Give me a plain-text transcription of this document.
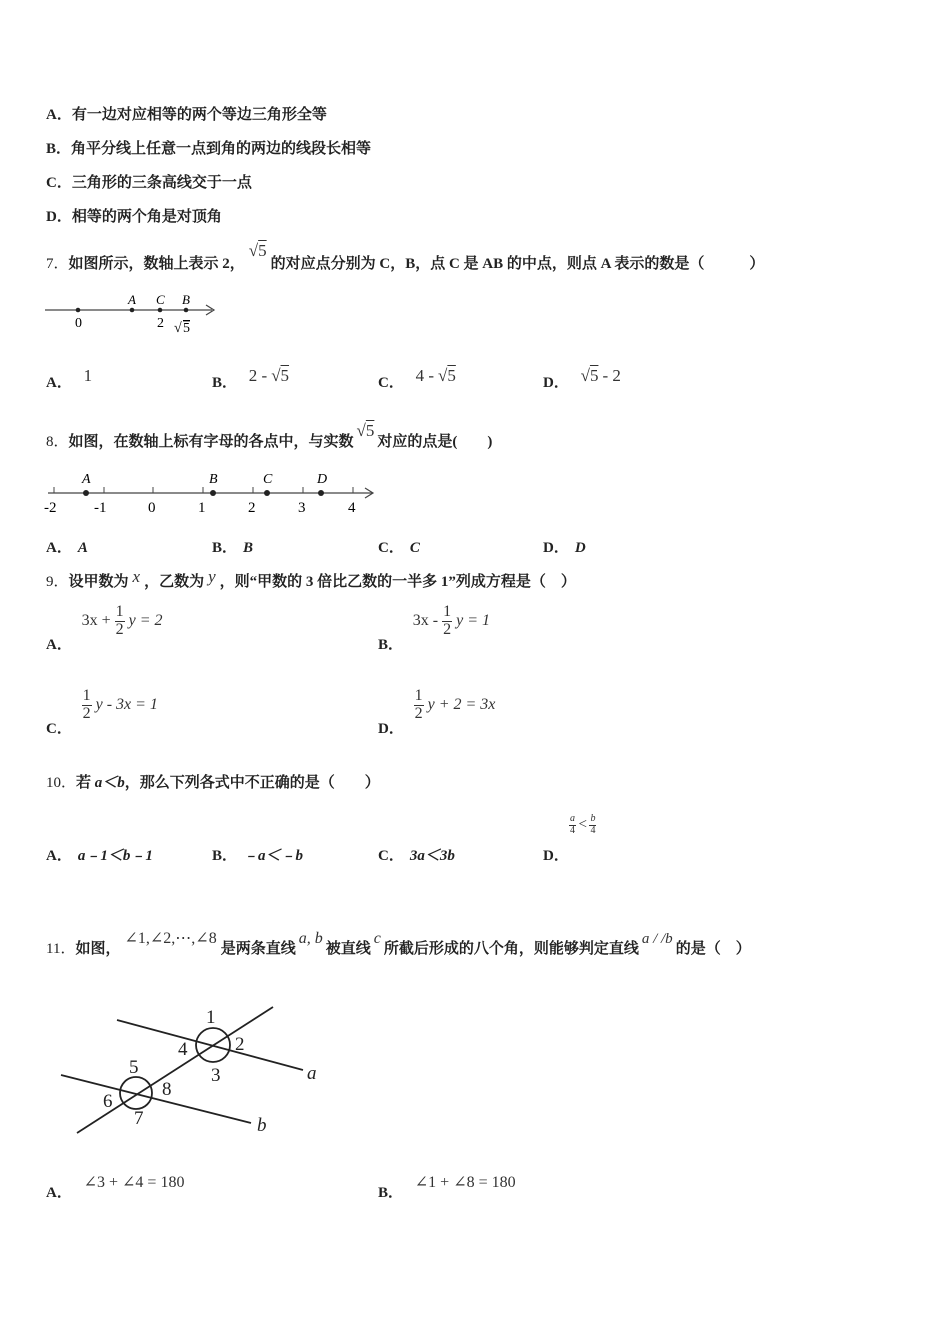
A．有一边对应相等的两个等边三角形全等
B．角平分线上任意一点到角的两边的线段长相等
C．三角形的三条高线交于一点
D．相等的两个角是对顶角
7．如图所示，数轴上表示 2，√5的对应点分别为 C，B，点 C 是 AB 的中点，则点 A 表示的数是（　　　）
0	2
A C B
√ 5
A． 1	B． 2 - √5	C． 4 - √5	D． √5 - 2
8．如图，在数轴上标有字母的各点中，与实数√5对应的点是(　　)
A	B	C	D
-2	-1	0	1	2	3	4
A． A	B． B	C． C	D． D
9．设甲数为 x ，乙数为 y ，则“甲数的 3 倍比乙数的一半多 1”列成方程是（　）
A． $3x + \frac{1}{2}$ y = 2
B． $3x - \frac{1}{2}$ y = 1
C．
$\frac{1}{2}$ y - 3x = 1
D．
$\frac{1}{2}$ y + 2 = 3x
10．若 a＜b，那么下列各式中不正确的是（　　）
A． a﹣1＜b﹣1	B． ﹣a＜﹣b	C． 3a＜3b	D．
$\frac{a}{4} < \frac{b}{4}$
11．如图，∠1,∠2,⋯,∠8是两条直线a, b被直线c所截后形成的八个角，则能够判定直线a / /b的是（　）
1
2
3
4
5
6
7
8
a
b
A． ∠3 + ∠4 = 180
B． ∠1 + ∠8 = 180
